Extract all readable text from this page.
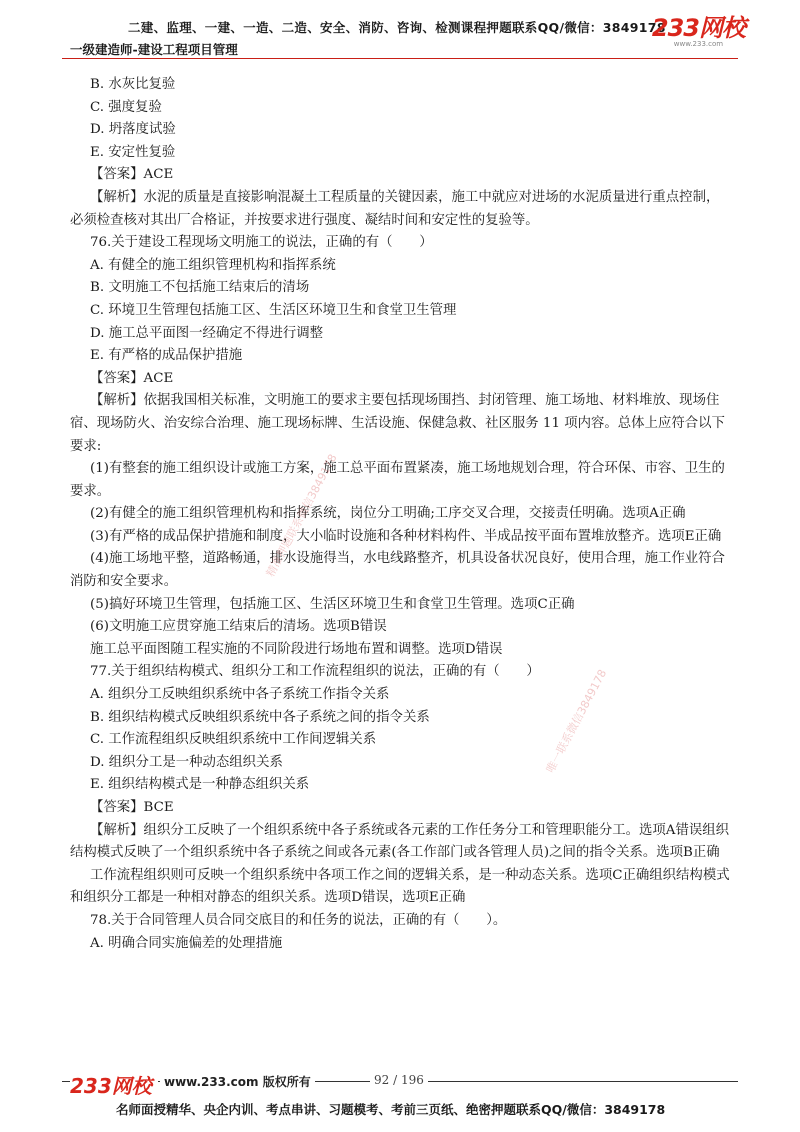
二建、监理、一建、一造、二造、安全、消防、咨询、检测课程押题联系QQ/微信：3849178
一级建造师-建设工程项目管理
233网校
www.233.com

B. 水灰比复验

C. 强度复验

D. 坍落度试验

E. 安定性复验

【答案】ACE

【解析】水泥的质量是直接影响混凝土工程质量的关键因素，施工中就应对进场的水泥质量进行重点控制，必须检查核对其出厂合格证，并按要求进行强度、凝结时间和安定性的复验等。

76.关于建设工程现场文明施工的说法，正确的有（　　）

A. 有健全的施工组织管理机构和指挥系统

B. 文明施工不包括施工结束后的清场

C. 环境卫生管理包括施工区、生活区环境卫生和食堂卫生管理

D. 施工总平面图一经确定不得进行调整

E. 有严格的成品保护措施

【答案】ACE

【解析】依据我国相关标准，文明施工的要求主要包括现场围挡、封闭管理、施工场地、材料堆放、现场住宿、现场防火、治安综合治理、施工现场标牌、生活设施、保健急救、社区服务 11 项内容。总体上应符合以下要求:

(1)有整套的施工组织设计或施工方案，施工总平面布置紧凑，施工场地规划合理，符合环保、市容、卫生的要求。

(2)有健全的施工组织管理机构和指挥系统，岗位分工明确;工序交叉合理，交接责任明确。选项A正确

(3)有严格的成品保护措施和制度，大小临时设施和各种材料构件、半成品按平面布置堆放整齐。选项E正确

(4)施工场地平整，道路畅通，排水设施得当，水电线路整齐，机具设备状况良好，使用合理，施工作业符合消防和安全要求。

(5)搞好环境卫生管理，包括施工区、生活区环境卫生和食堂卫生管理。选项C正确

(6)文明施工应贯穿施工结束后的清场。选项B错误

施工总平面图随工程实施的不同阶段进行场地布置和调整。选项D错误

77.关于组织结构模式、组织分工和工作流程组织的说法，正确的有（　　）

A. 组织分工反映组织系统中各子系统工作指令关系

B. 组织结构模式反映组织系统中各子系统之间的指令关系

C. 工作流程组织反映组织系统中工作间逻辑关系

D. 组织分工是一种动态组织关系

E. 组织结构模式是一种静态组织关系

【答案】BCE

【解析】组织分工反映了一个组织系统中各子系统或各元素的工作任务分工和管理职能分工。选项A错误组织结构模式反映了一个组织系统中各子系统之间或各元素(各工作部门或各管理人员)之间的指令关系。选项B正确

工作流程组织则可反映一个组织系统中各项工作之间的逻辑关系，是一种动态关系。选项C正确组织结构模式和组织分工都是一种相对静态的组织关系。选项D错误，选项E正确

78.关于合同管理人员合同交底目的和任务的说法，正确的有（　　）。

A. 明确合同实施偏差的处理措施

精准押题联系微信3849178
唯一联系微信3849178
233网校	www.233.com 版权所有	92 / 196
名师面授精华、央企内训、考点串讲、习题模考、考前三页纸、绝密押题联系QQ/微信：3849178
